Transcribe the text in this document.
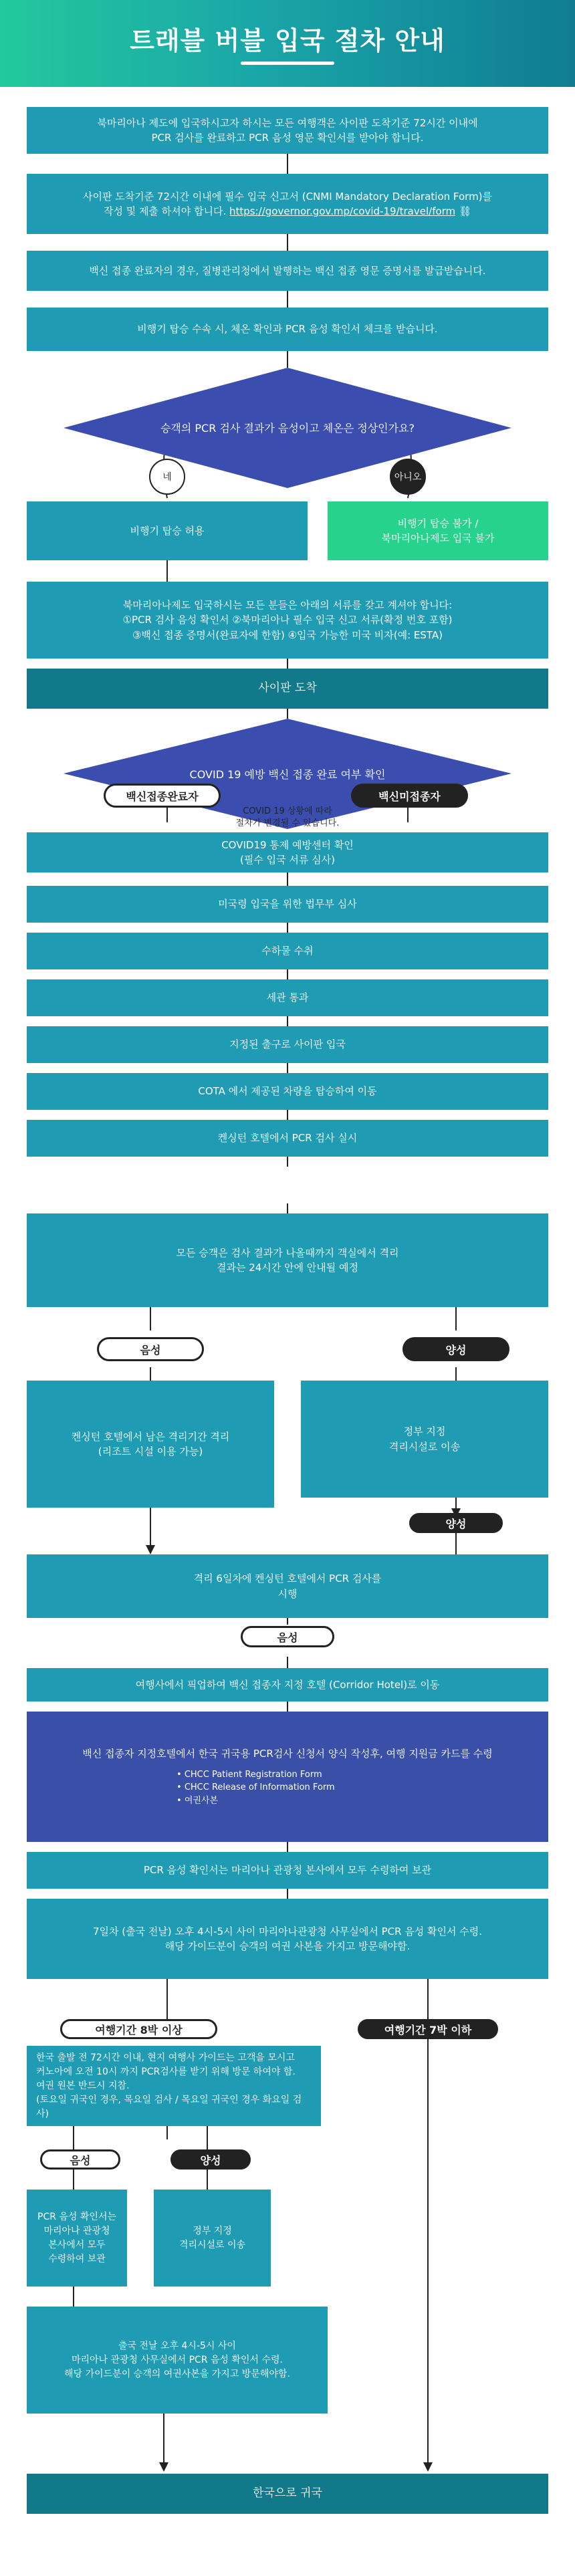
트래블 버블 입국 절차 안내
북마리아나 제도에 입국하시고자 하시는 모든 여행객은 사이판 도착기준 72시간 이내에
PCR 검사를 완료하고 PCR 음성 영문 확인서를 받아야 합니다.
사이판 도착기준 72시간 이내에 필수 입국 신고서 (CNMI Mandatory Declaration Form)를
작성 및 제출 하셔야 합니다. https://governor.gov.mp/covid-19/travel/form ⛓
백신 접종 완료자의 경우, 질병관리청에서 발행하는 백신 접종 영문 증명서를 발급받습니다.
비행기 탑승 수속 시, 체온 확인과 PCR 음성 확인서 체크를 받습니다.
승객의 PCR 검사 결과가 음성이고 체온은 정상인가요?
네	아니오
비행기 탑승 허용
비행기 탑승 불가 /
북마리아나제도 입국 불가
북마리아나제도 입국하시는 모든 분들은 아래의 서류를 갖고 계셔야 합니다:
①PCR 검사 음성 확인서 ②북마리아나 필수 입국 신고 서류(확정 번호 포함)
③백신 접종 증명서(완료자에 한함) ④입국 가능한 미국 비자(예: ESTA)
사이판 도착
COVID 19 예방 백신 접종 완료 여부 확인
백신접종완료자	백신미접종자
COVID 19 상황에 따라
절차가 변경될 수 있습니다.
COVID19 통제 예방센터 확인
(필수 입국 서류 심사)
미국령 입국을 위한 법무부 심사
수하물 수취
세관 통과
지정된 출구로 사이판 입국
COTA 에서 제공된 차량을 탑승하여 이동
켄싱턴 호텔에서 PCR 검사 실시
모든 승객은 검사 결과가 나올때까지 객실에서 격리
결과는 24시간 안에 안내될 예정
음성	양성
켄싱턴 호텔에서 남은 격리기간 격리
(리조트 시설 이용 가능)
정부 지정
격리시설로 이송
양성
격리 6일차에 켄싱턴 호텔에서 PCR 검사를
시행
음성
여행사에서 픽업하여 백신 접종자 지정 호텔 (Corridor Hotel)로 이동
백신 접종자 지정호텔에서 한국 귀국용 PCR검사 신청서 양식 작성후, 여행 지원금 카드를 수령
• CHCC Patient Registration Form
• CHCC Release of Information Form
• 여권사본
PCR 음성 확인서는 마리아나 관광청 본사에서 모두 수령하여 보관
7일차 (출국 전날) 오후 4시-5시 사이 마리아나관광청 사무실에서 PCR 음성 확인서 수령.
해당 가이드분이 승객의 여권 사본을 가지고 방문해야함.
여행기간 8박 이상	여행기간 7박 이하
한국 출발 전 72시간 이내, 현지 여행사 가이드는 고객을 모시고
커노아에 오전 10시 까지 PCR검사를 받기 위해 방문 하여야 함.
여권 원본 반드시 지참.
(토요일 귀국인 경우, 목요일 검사 / 목요일 귀국인 경우 화요일 검사)
음성	양성
PCR 음성 확인서는
마리아나 관광청
본사에서 모두
수령하여 보관
정부 지정
격리시설로 이송
출국 전날 오후 4시-5시 사이
마리아나 관광청 사무실에서 PCR 음성 확인서 수령.
해당 가이드분이 승객의 여권사본을 가지고 방문해야함.
한국으로 귀국
